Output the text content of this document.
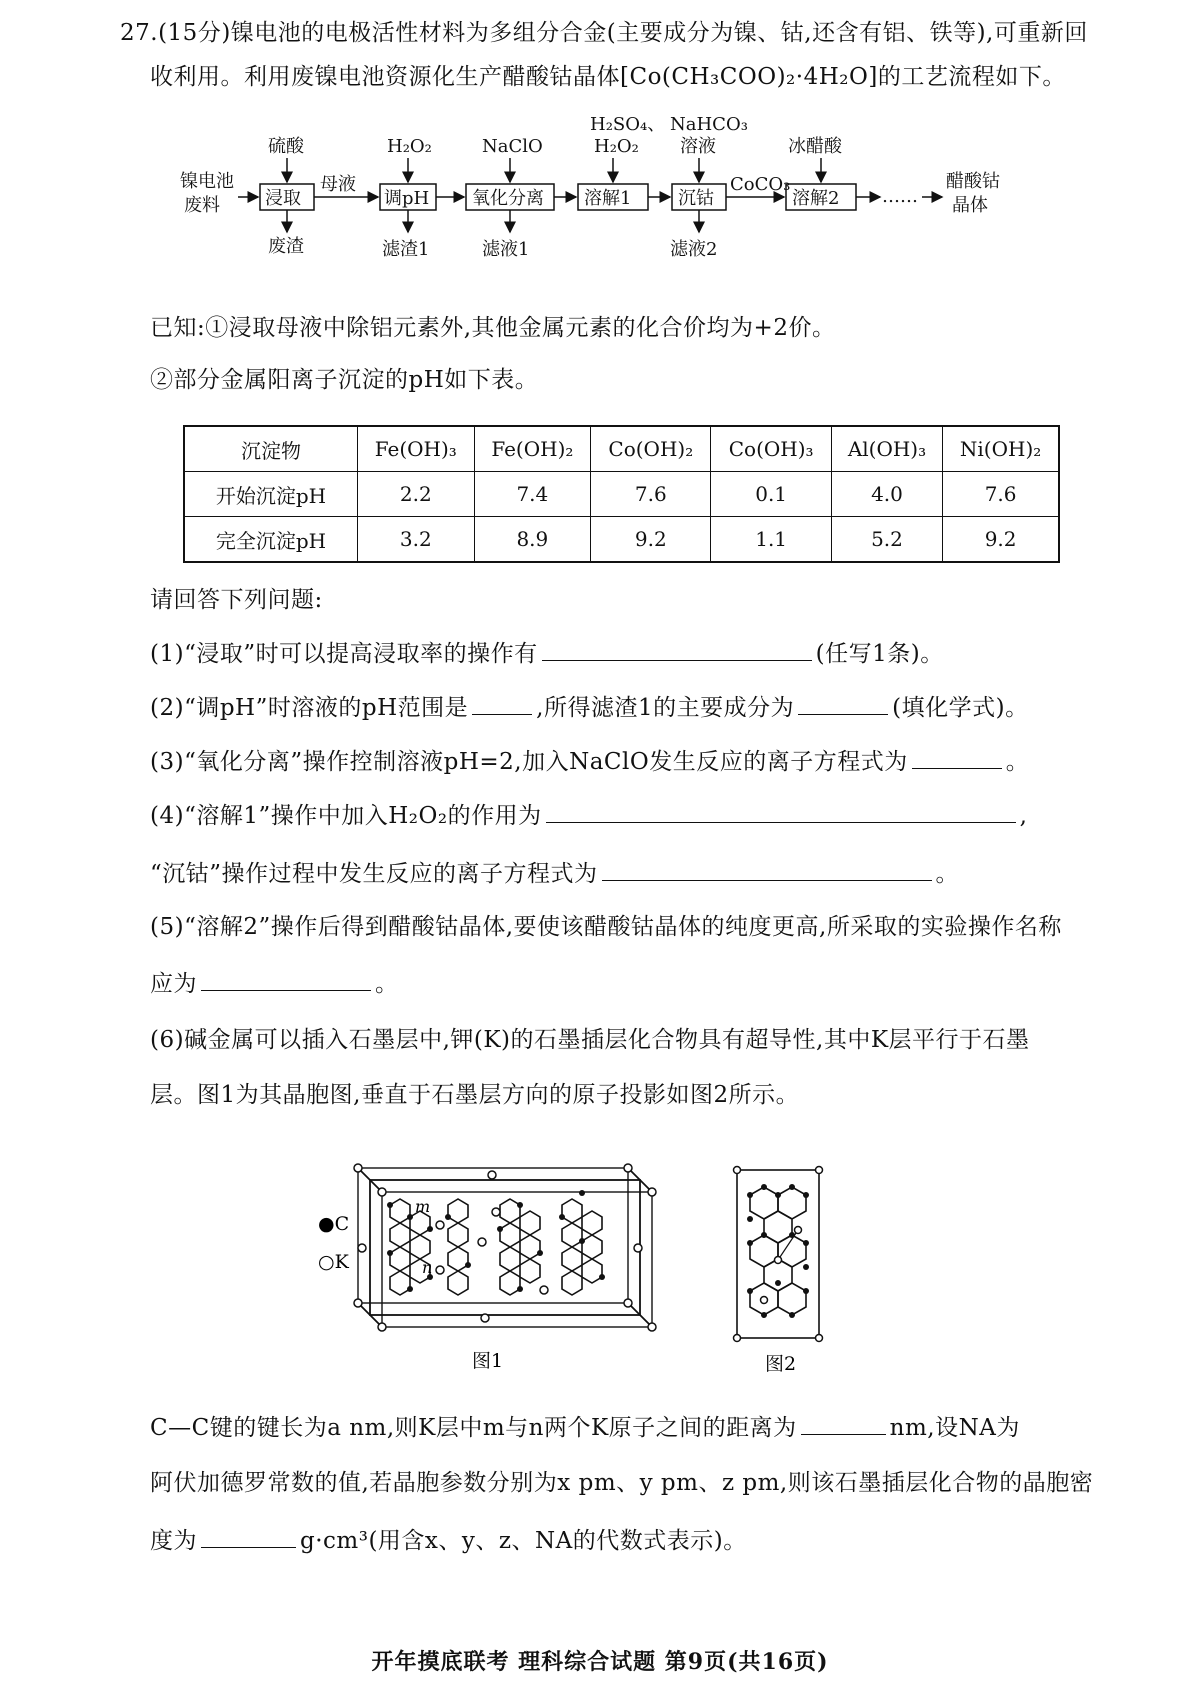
27.(15分)镍电池的电极活性材料为多组分合金(主要成分为镍、钴,还含有铝、铁等),可重新回
收利用。利用废镍电池资源化生产醋酸钴晶体[Co(CH₃COO)₂·4H₂O]的工艺流程如下。
镍电池
废料	浸取
母液
调pH 氧化分离 溶解1	沉钴
CoCO₃
溶解2 ……
醋酸钴
晶体
硫酸	H₂O₂	NaClO
H₂SO₄、
H₂O₂
NaHCO₃
溶液	冰醋酸
废渣	滤渣1	滤液1	滤液2
已知:①浸取母液中除铝元素外,其他金属元素的化合价均为+2价。
②部分金属阳离子沉淀的pH如下表。
沉淀物	Fe(OH)₃	Fe(OH)₂	Co(OH)₂	Co(OH)₃	Al(OH)₃	Ni(OH)₂
开始沉淀pH	2.2	7.4	7.6	0.1	4.0	7.6
完全沉淀pH	3.2	8.9	9.2	1.1	5.2	9.2
请回答下列问题:
(1)“浸取”时可以提高浸取率的操作有	(任写1条)。
(2)“调pH”时溶液的pH范围是	,所得滤渣1的主要成分为	(填化学式)。
(3)“氧化分离”操作控制溶液pH=2,加入NaClO发生反应的离子方程式为	。
(4)“溶解1”操作中加入H₂O₂的作用为	,
“沉钴”操作过程中发生反应的离子方程式为	。
(5)“溶解2”操作后得到醋酸钴晶体,要使该醋酸钴晶体的纯度更高,所采取的实验操作名称
应为	。
(6)碱金属可以插入石墨层中,钾(K)的石墨插层化合物具有超导性,其中K层平行于石墨
层。图1为其晶胞图,垂直于石墨层方向的原子投影如图2所示。
●C
○K
m
n
图1	图2
C—C键的键长为a nm,则K层中m与n两个K原子之间的距离为	nm,设NA为
阿伏加德罗常数的值,若晶胞参数分别为x pm、y pm、z pm,则该石墨插层化合物的晶胞密
度为	g·cm³(用含x、y、z、NA的代数式表示)。
开年摸底联考 理科综合试题 第9页(共16页)
